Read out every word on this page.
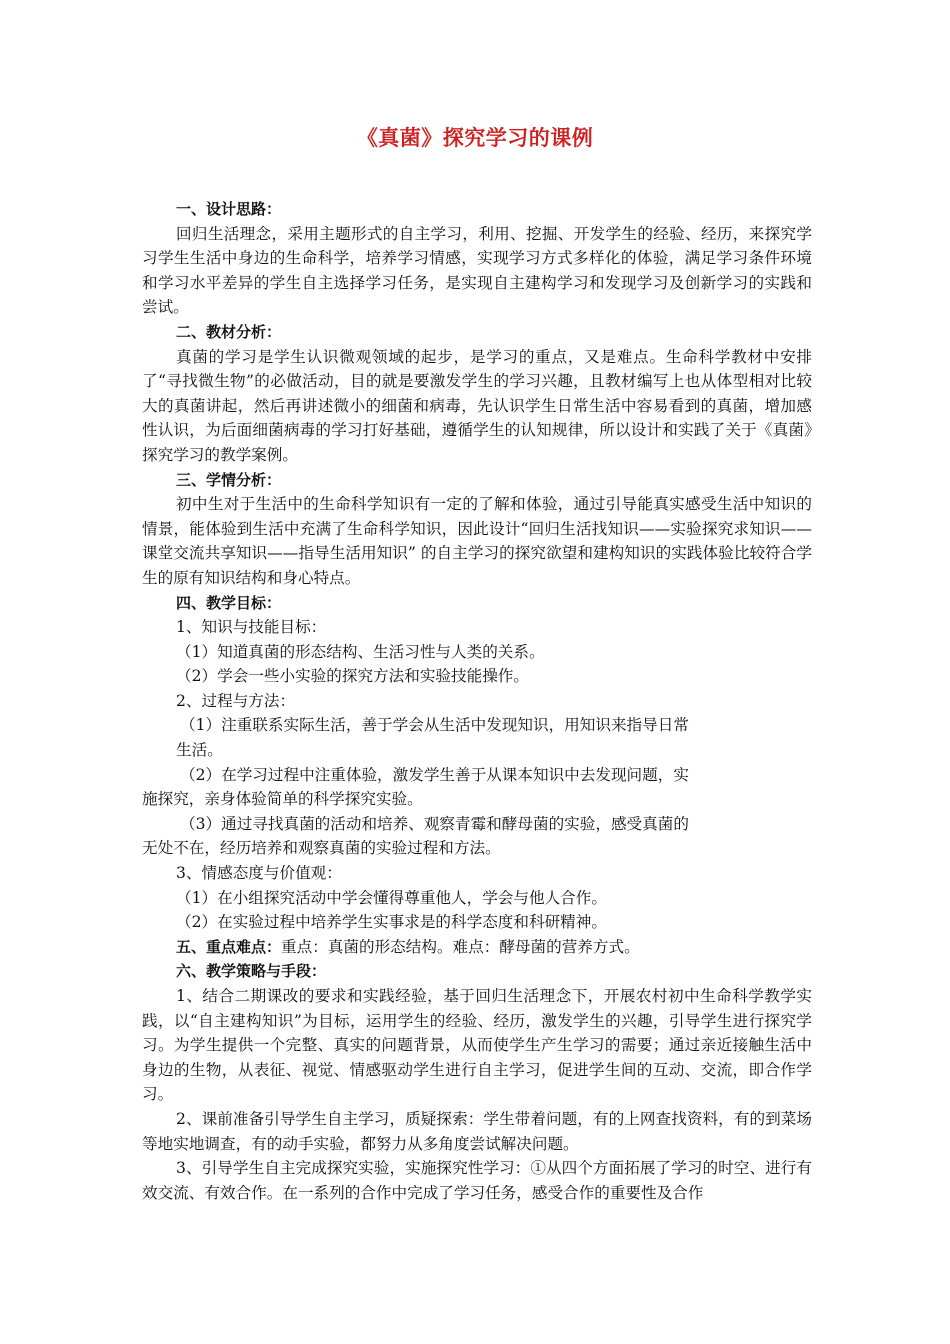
《真菌》探究学习的课例

一、设计思路：

回归生活理念，采用主题形式的自主学习，利用、挖掘、开发学生的经验、经历，来探究学习学生生活中身边的生命科学，培养学习情感，实现学习方式多样化的体验，满足学习条件环境和学习水平差异的学生自主选择学习任务，是实现自主建构学习和发现学习及创新学习的实践和尝试。

二、教材分析：

真菌的学习是学生认识微观领域的起步，是学习的重点，又是难点。生命科学教材中安排了“寻找微生物”的必做活动，目的就是要激发学生的学习兴趣，且教材编写上也从体型相对比较大的真菌讲起，然后再讲述微小的细菌和病毒，先认识学生日常生活中容易看到的真菌，增加感性认识，为后面细菌病毒的学习打好基础，遵循学生的认知规律，所以设计和实践了关于《真菌》探究学习的教学案例。

三、学情分析：

初中生对于生活中的生命科学知识有一定的了解和体验，通过引导能真实感受生活中知识的情景，能体验到生活中充满了生命科学知识，因此设计“回归生活找知识——实验探究求知识——课堂交流共享知识——指导生活用知识” 的自主学习的探究欲望和建构知识的实践体验比较符合学生的原有知识结构和身心特点。

四、教学目标：

1、知识与技能目标：

（1）知道真菌的形态结构、生活习性与人类的关系。

（2）学会一些小实验的探究方法和实验技能操作。

2、过程与方法：

（1）注重联系实际生活，善于学会从生活中发现知识，用知识来指导日常

生活。

（2）在学习过程中注重体验，激发学生善于从课本知识中去发现问题，实

施探究，亲身体验简单的科学探究实验。

（3）通过寻找真菌的活动和培养、观察青霉和酵母菌的实验，感受真菌的

无处不在，经历培养和观察真菌的实验过程和方法。

3、情感态度与价值观：

（1）在小组探究活动中学会懂得尊重他人，学会与他人合作。

（2）在实验过程中培养学生实事求是的科学态度和科研精神。

五、重点难点：重点：真菌的形态结构。难点：酵母菌的营养方式。

六、教学策略与手段：

1、结合二期课改的要求和实践经验，基于回归生活理念下，开展农村初中生命科学教学实践，以“自主建构知识”为目标，运用学生的经验、经历，激发学生的兴趣，引导学生进行探究学习。为学生提供一个完整、真实的问题背景，从而使学生产生学习的需要；通过亲近接触生活中身边的生物，从表征、视觉、情感驱动学生进行自主学习，促进学生间的互动、交流，即合作学习。

2、课前准备引导学生自主学习，质疑探索：学生带着问题，有的上网查找资料，有的到菜场等地实地调查，有的动手实验，都努力从多角度尝试解决问题。

3、引导学生自主完成探究实验，实施探究性学习：①从四个方面拓展了学习的时空、进行有效交流、有效合作。在一系列的合作中完成了学习任务，感受合作的重要性及合作
